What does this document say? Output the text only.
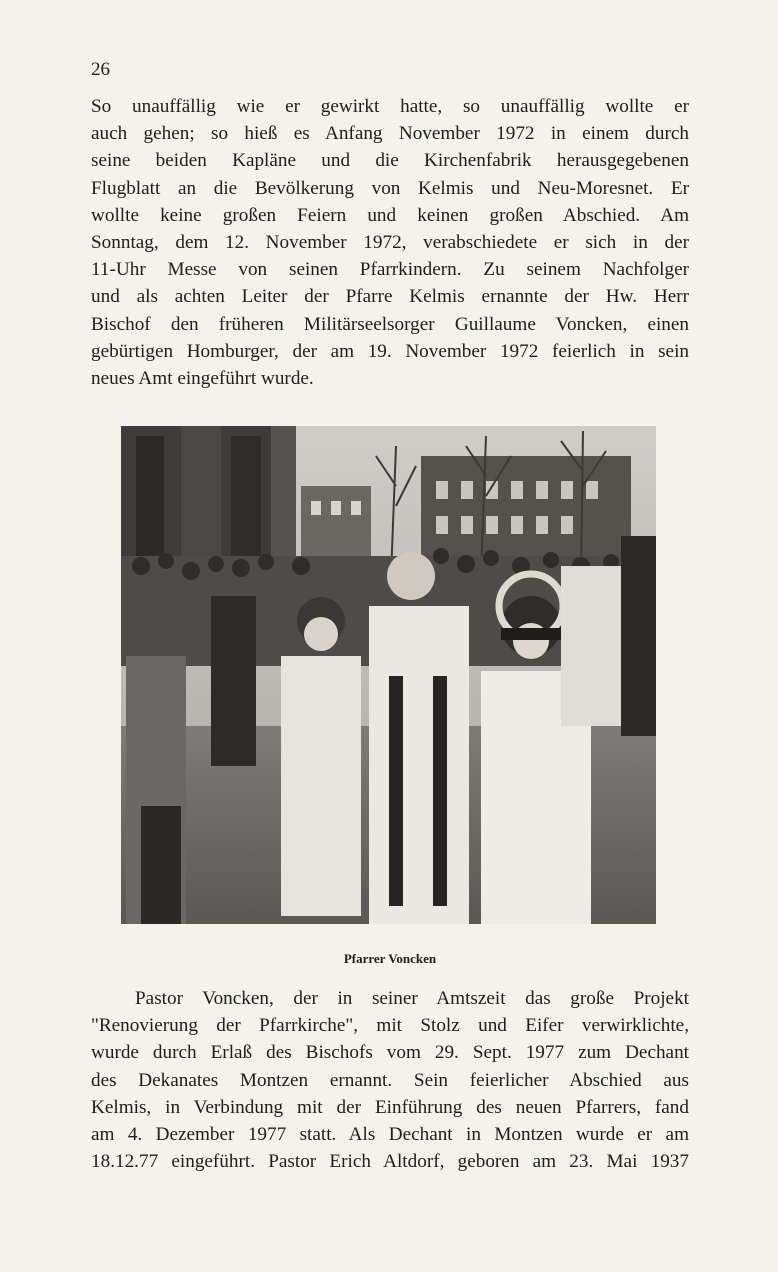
26
So unauffällig wie er gewirkt hatte, so unauffällig wollte er
auch gehen; so hieß es Anfang November 1972 in einem durch
seine beiden Kapläne und die Kirchenfabrik herausgegebenen
Flugblatt an die Bevölkerung von Kelmis und Neu-Moresnet. Er
wollte keine großen Feiern und keinen großen Abschied. Am
Sonntag, dem 12. November 1972, verabschiedete er sich in der
11-Uhr Messe von seinen Pfarrkindern. Zu seinem Nachfolger
und als achten Leiter der Pfarre Kelmis ernannte der Hw. Herr
Bischof den früheren Militärseelsorger Guillaume Voncken, einen
gebürtigen Homburger, der am 19. November 1972 feierlich in sein
neues Amt eingeführt wurde.
Pfarrer Voncken
Pastor Voncken, der in seiner Amtszeit das große Projekt
"Renovierung der Pfarrkirche", mit Stolz und Eifer verwirklichte,
wurde durch Erlaß des Bischofs vom 29. Sept. 1977 zum Dechant
des Dekanates Montzen ernannt. Sein feierlicher Abschied aus
Kelmis, in Verbindung mit der Einführung des neuen Pfarrers, fand
am 4. Dezember 1977 statt. Als Dechant in Montzen wurde er am
18.12.77 eingeführt. Pastor Erich Altdorf, geboren am 23. Mai 1937
